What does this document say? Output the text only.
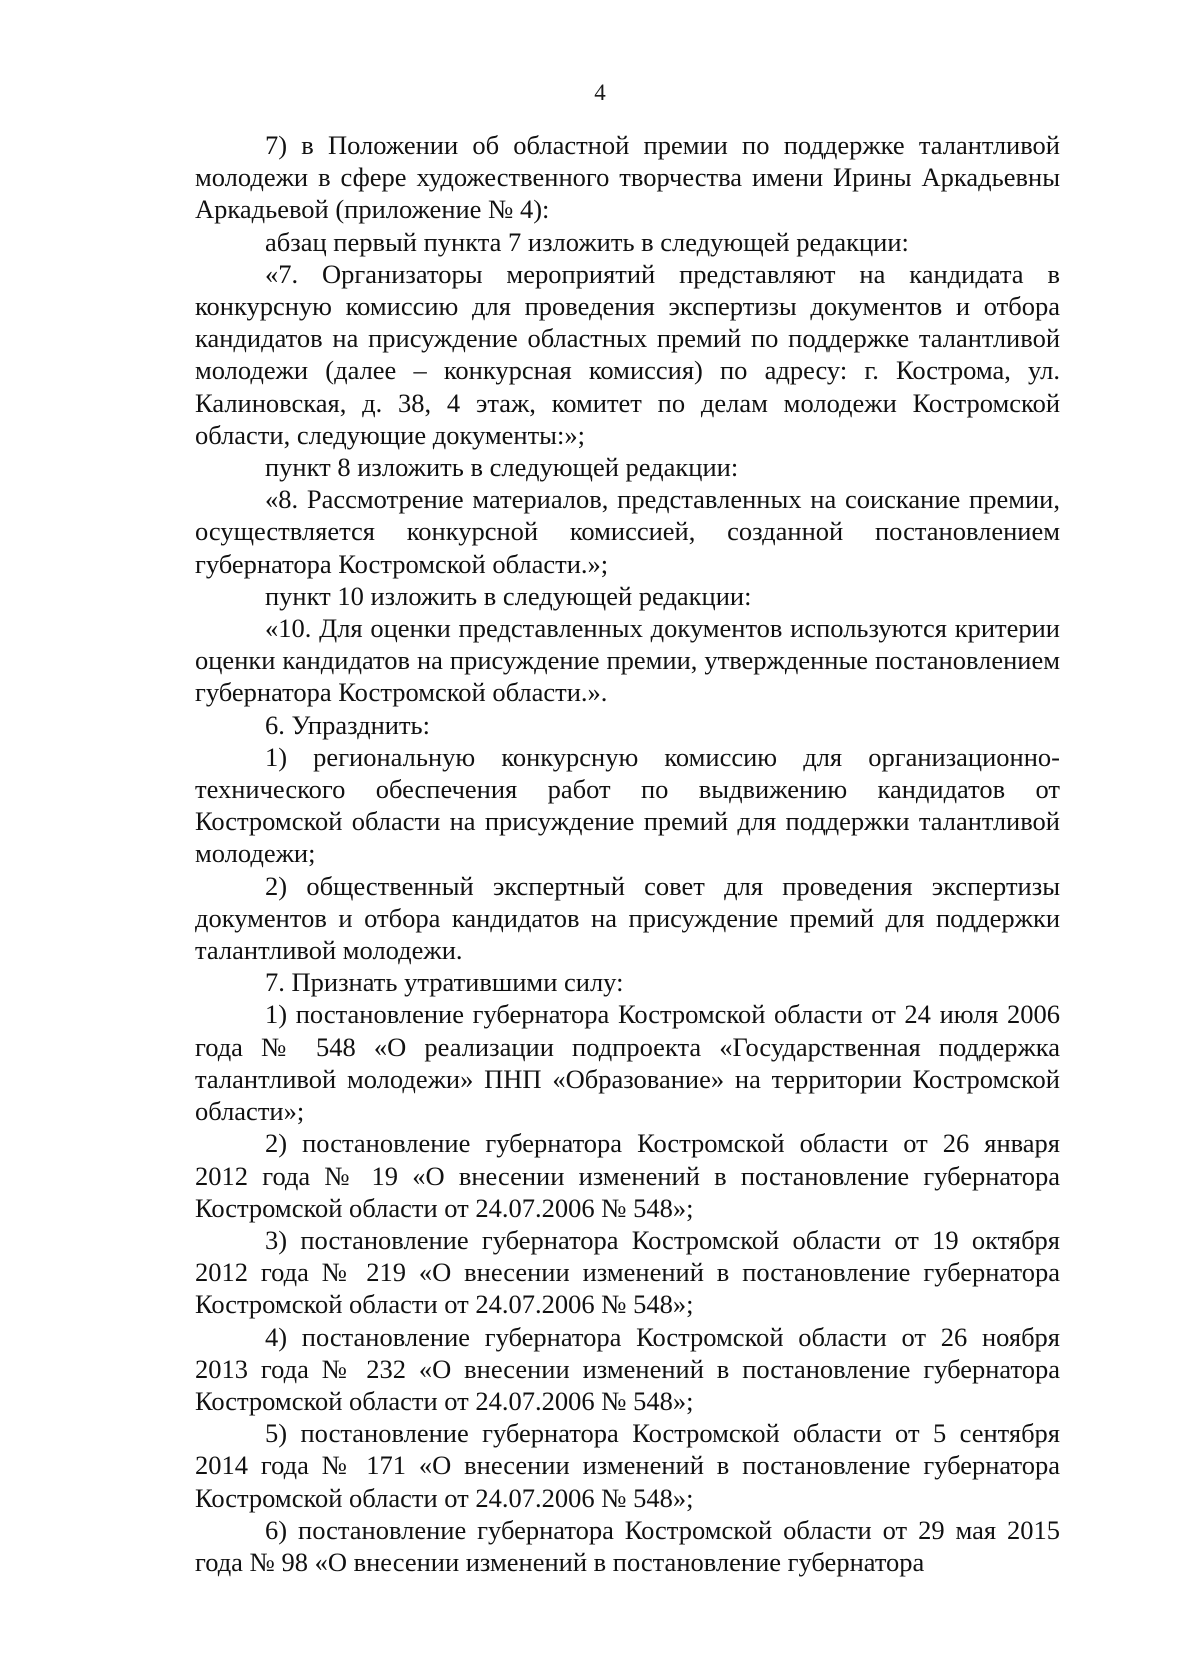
4

7) в Положении об областной премии по поддержке талантливой молодежи в сфере художественного творчества имени Ирины Аркадьевны Аркадьевой (приложение № 4):

абзац первый пункта 7 изложить в следующей редакции:

«7. Организаторы мероприятий представляют на кандидата в конкурсную комиссию для проведения экспертизы документов и отбора кандидатов на присуждение областных премий по поддержке талантливой молодежи (далее – конкурсная комиссия) по адресу: г. Кострома, ул. Калиновская, д. 38, 4 этаж, комитет по делам молодежи Костромской области, следующие документы:»;

пункт 8 изложить в следующей редакции:

«8. Рассмотрение материалов, представленных на соискание премии, осуществляется конкурсной комиссией, созданной постановлением губернатора Костромской области.»;

пункт 10 изложить в следующей редакции:

«10. Для оценки представленных документов используются критерии оценки кандидатов на присуждение премии, утвержденные постановлением губернатора Костромской области.».

6. Упразднить:

1) региональную конкурсную комиссию для организационно-технического обеспечения работ по выдвижению кандидатов от Костромской области на присуждение премий для поддержки талантливой молодежи;

2) общественный экспертный совет для проведения экспертизы документов и отбора кандидатов на присуждение премий для поддержки талантливой молодежи.

7. Признать утратившими силу:

1) постановление губернатора Костромской области от 24 июля 2006 года № 548 «О реализации подпроекта «Государственная поддержка талантливой молодежи» ПНП «Образование» на территории Костромской области»;

2) постановление губернатора Костромской области от 26 января 2012 года № 19 «О внесении изменений в постановление губернатора Костромской области от 24.07.2006 № 548»;

3) постановление губернатора Костромской области от 19 октября 2012 года № 219 «О внесении изменений в постановление губернатора Костромской области от 24.07.2006 № 548»;

4) постановление губернатора Костромской области от 26 ноября 2013 года № 232 «О внесении изменений в постановление губернатора Костромской области от 24.07.2006 № 548»;

5) постановление губернатора Костромской области от 5 сентября 2014 года № 171 «О внесении изменений в постановление губернатора Костромской области от 24.07.2006 № 548»;

6) постановление губернатора Костромской области от 29 мая 2015 года № 98 «О внесении изменений в постановление губернатора
